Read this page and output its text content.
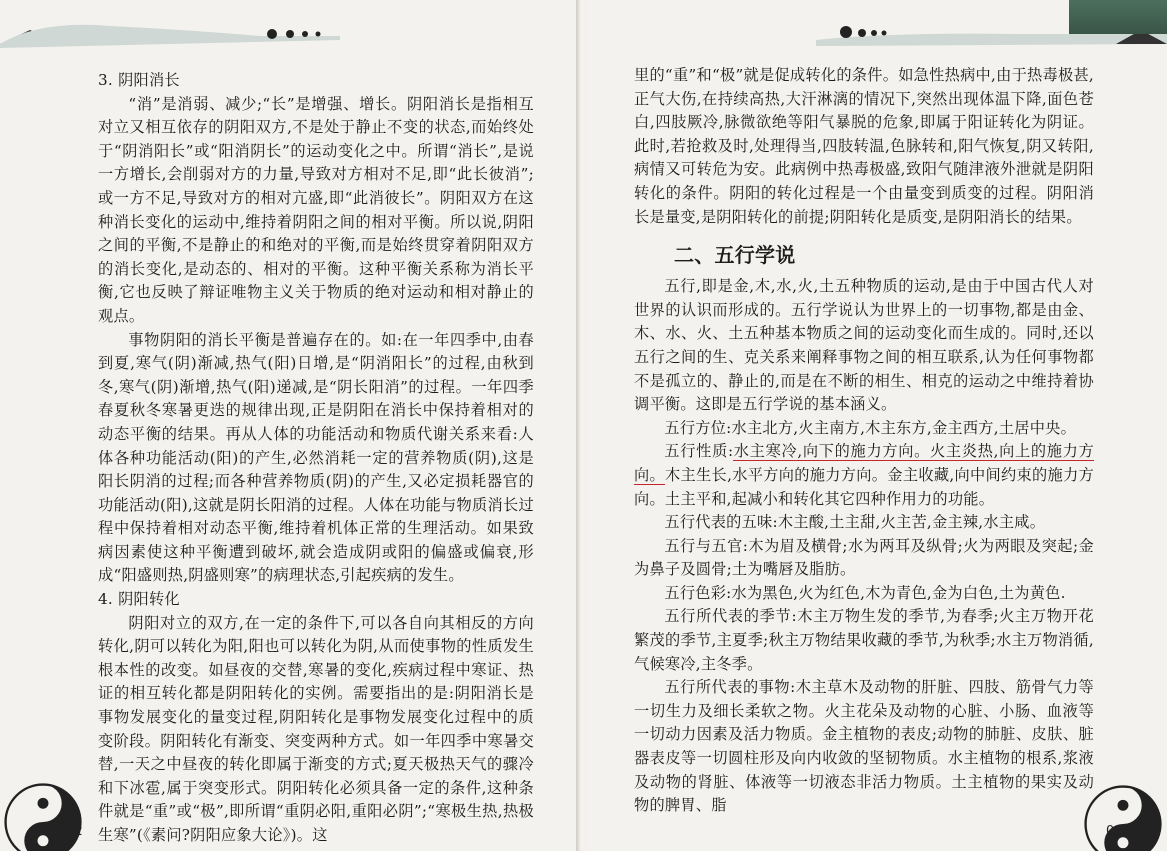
3. 阴阳消长

“消”是消弱、减少;“长”是增强、增长。阴阳消长是指相互对立又相互依存的阴阳双方,不是处于静止不变的状态,而始终处于“阴消阳长”或“阳消阴长”的运动变化之中。所谓“消长”,是说一方增长,会削弱对方的力量,导致对方相对不足,即“此长彼消”;或一方不足,导致对方的相对亢盛,即“此消彼长”。阴阳双方在这种消长变化的运动中,维持着阴阳之间的相对平衡。所以说,阴阳之间的平衡,不是静止的和绝对的平衡,而是始终贯穿着阴阳双方的消长变化,是动态的、相对的平衡。这种平衡关系称为消长平衡,它也反映了辩证唯物主义关于物质的绝对运动和相对静止的观点。

事物阴阳的消长平衡是普遍存在的。如:在一年四季中,由春到夏,寒气(阴)渐减,热气(阳)日增,是“阴消阳长”的过程,由秋到冬,寒气(阴)渐增,热气(阳)递减,是“阴长阳消”的过程。一年四季春夏秋冬寒暑更迭的规律出现,正是阴阳在消长中保持着相对的动态平衡的结果。再从人体的功能活动和物质代谢关系来看:人体各种功能活动(阳)的产生,必然消耗一定的营养物质(阴),这是阳长阴消的过程;而各种营养物质(阴)的产生,又必定损耗器官的功能活动(阳),这就是阴长阳消的过程。人体在功能与物质消长过程中保持着相对动态平衡,维持着机体正常的生理活动。如果致病因素使这种平衡遭到破坏,就会造成阴或阳的偏盛或偏衰,形成“阳盛则热,阴盛则寒”的病理状态,引起疾病的发生。

4. 阴阳转化

阴阳对立的双方,在一定的条件下,可以各自向其相反的方向转化,阴可以转化为阳,阳也可以转化为阴,从而使事物的性质发生根本性的改变。如昼夜的交替,寒暑的变化,疾病过程中寒证、热证的相互转化都是阴阳转化的实例。需要指出的是:阴阳消长是事物发展变化的量变过程,阴阳转化是事物发展变化过程中的质变阶段。阴阳转化有渐变、突变两种方式。如一年四季中寒暑交替,一天之中昼夜的转化即属于渐变的方式;夏天极热天气的骤冷和下冰雹,属于突变形式。阴阳转化必须具备一定的条件,这种条件就是“重”或“极”,即所谓“重阴必阳,重阳必阴”;“寒极生热,热极生寒”(《素问?阴阳应象大论》)。这

002

里的“重”和“极”就是促成转化的条件。如急性热病中,由于热毒极甚,正气大伤,在持续高热,大汗淋漓的情况下,突然出现体温下降,面色苍白,四肢厥冷,脉微欲绝等阳气暴脱的危象,即属于阳证转化为阴证。此时,若抢救及时,处理得当,四肢转温,色脉转和,阳气恢复,阴又转阳,病情又可转危为安。此病例中热毒极盛,致阳气随津液外泄就是阴阳转化的条件。阴阳的转化过程是一个由量变到质变的过程。阴阳消长是量变,是阴阳转化的前提;阴阳转化是质变,是阴阳消长的结果。

二、五行学说

五行,即是金,木,水,火,土五种物质的运动,是由于中国古代人对世界的认识而形成的。五行学说认为世界上的一切事物,都是由金、木、水、火、土五种基本物质之间的运动变化而生成的。同时,还以五行之间的生、克关系来阐释事物之间的相互联系,认为任何事物都不是孤立的、静止的,而是在不断的相生、相克的运动之中维持着协调平衡。这即是五行学说的基本涵义。

五行方位:水主北方,火主南方,木主东方,金主西方,土居中央。

五行性质:水主寒冷,向下的施力方向。火主炎热,向上的施力方向。木主生长,水平方向的施力方向。金主收藏,向中间约束的施力方向。土主平和,起减小和转化其它四种作用力的功能。

五行代表的五味:木主酸,土主甜,火主苦,金主辣,水主咸。

五行与五官:木为眉及横骨;水为两耳及纵骨;火为两眼及突起;金为鼻子及圆骨;土为嘴唇及脂肪。

五行色彩:水为黑色,火为红色,木为青色,金为白色,土为黄色.

五行所代表的季节:木主万物生发的季节,为春季;火主万物开花繁茂的季节,主夏季;秋主万物结果收藏的季节,为秋季;水主万物消循,气候寒冷,主冬季。

五行所代表的事物:木主草木及动物的肝脏、四肢、筋骨气力等一切生力及细长柔软之物。火主花朵及动物的心脏、小肠、血液等一切动力因素及活力物质。金主植物的表皮;动物的肺脏、皮肤、脏器表皮等一切圆柱形及向内收敛的坚韧物质。水主植物的根系,浆液及动物的肾脏、体液等一切液态非活力物质。土主植物的果实及动物的脾胃、脂

003
